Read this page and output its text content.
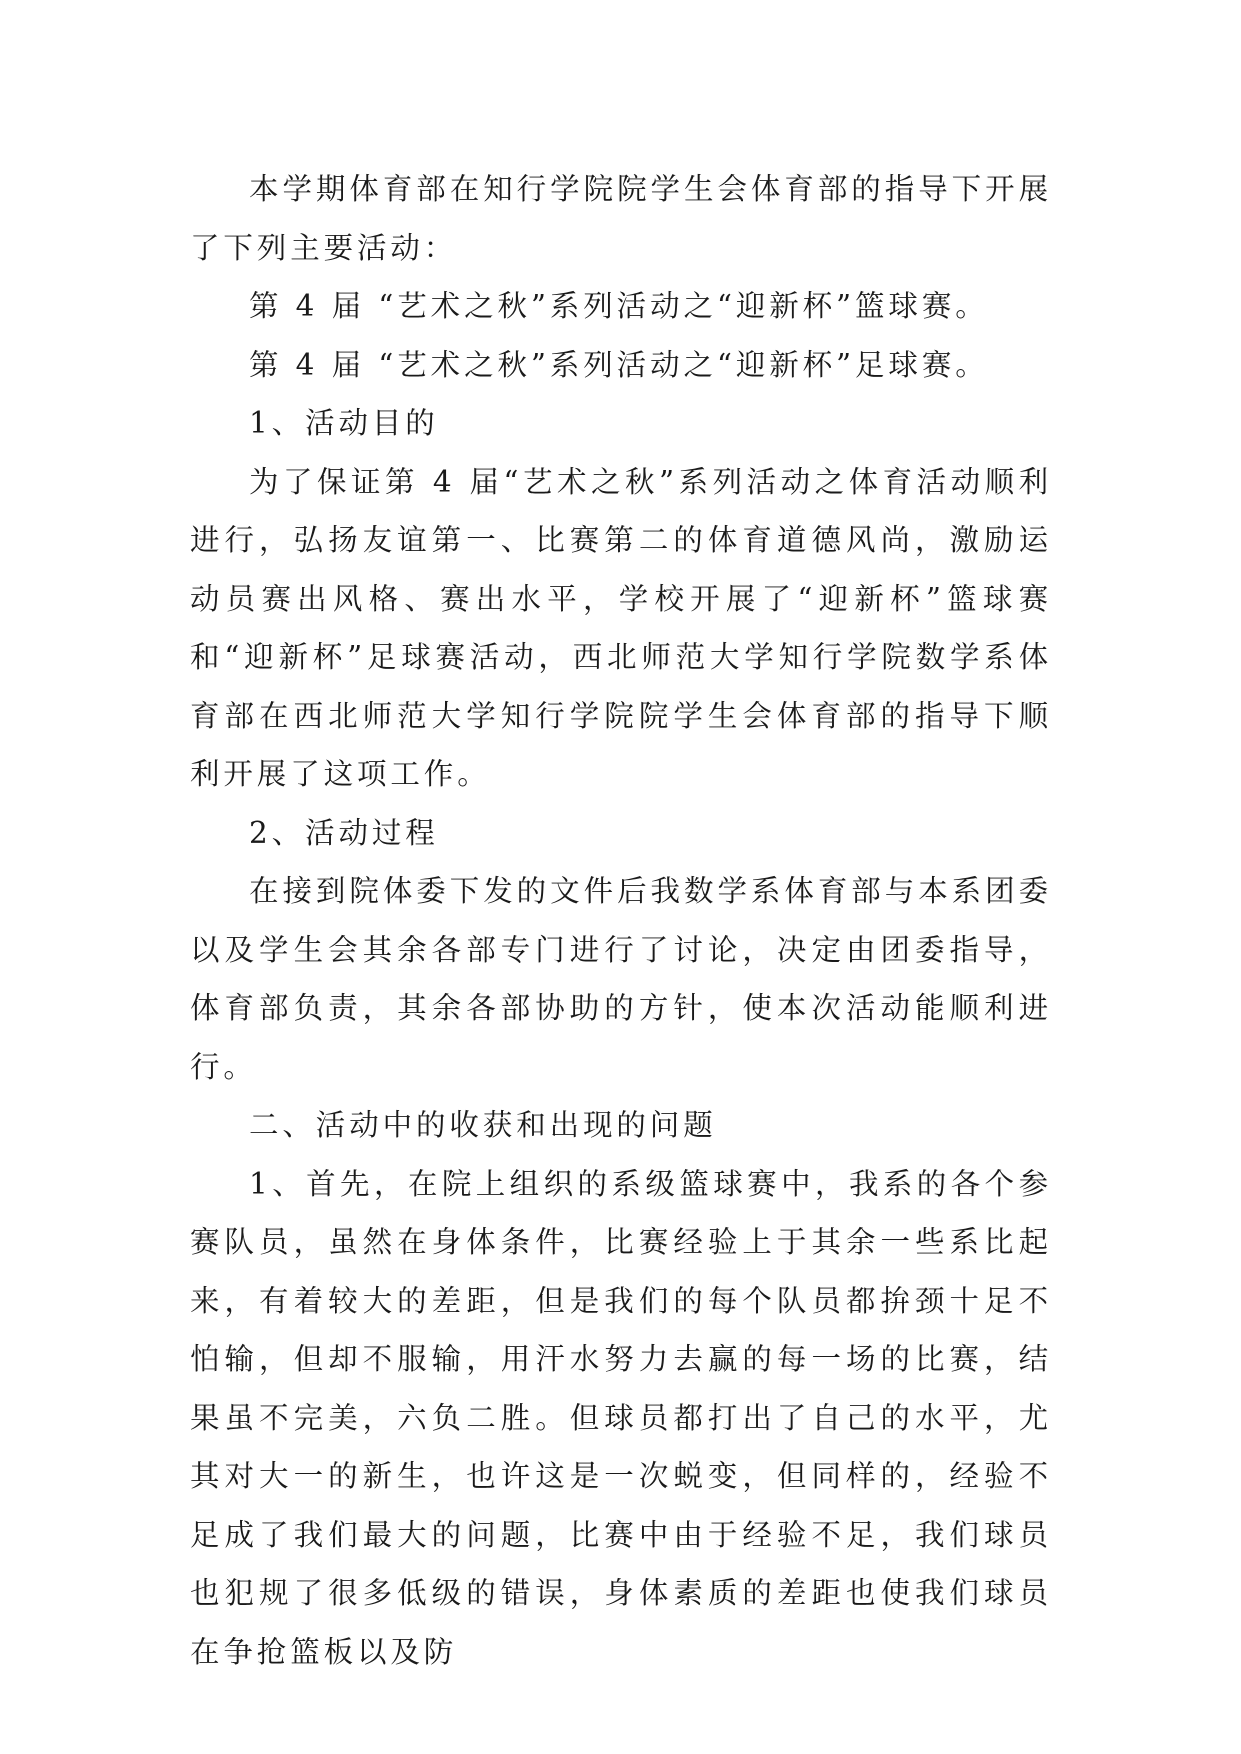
本学期体育部在知行学院院学生会体育部的指导下开展了下列主要活动：

第 4 届 “艺术之秋”系列活动之“迎新杯”篮球赛。

第 4 届 “艺术之秋”系列活动之“迎新杯”足球赛。

1、活动目的

为了保证第 4 届“艺术之秋”系列活动之体育活动顺利进行，弘扬友谊第一、比赛第二的体育道德风尚，激励运动员赛出风格、赛出水平，学校开展了“迎新杯”篮球赛和“迎新杯”足球赛活动，西北师范大学知行学院数学系体育部在西北师范大学知行学院院学生会体育部的指导下顺利开展了这项工作。

2、活动过程

在接到院体委下发的文件后我数学系体育部与本系团委以及学生会其余各部专门进行了讨论，决定由团委指导，体育部负责，其余各部协助的方针，使本次活动能顺利进行。

二、活动中的收获和出现的问题

1、首先，在院上组织的系级篮球赛中，我系的各个参赛队员，虽然在身体条件，比赛经验上于其余一些系比起来，有着较大的差距，但是我们的每个队员都拚颈十足不怕输，但却不服输，用汗水努力去赢的每一场的比赛，结果虽不完美，六负二胜。但球员都打出了自己的水平，尤其对大一的新生，也许这是一次蜕变，但同样的，经验不足成了我们最大的问题，比赛中由于经验不足，我们球员也犯规了很多低级的错误，身体素质的差距也使我们球员在争抢篮板以及防
